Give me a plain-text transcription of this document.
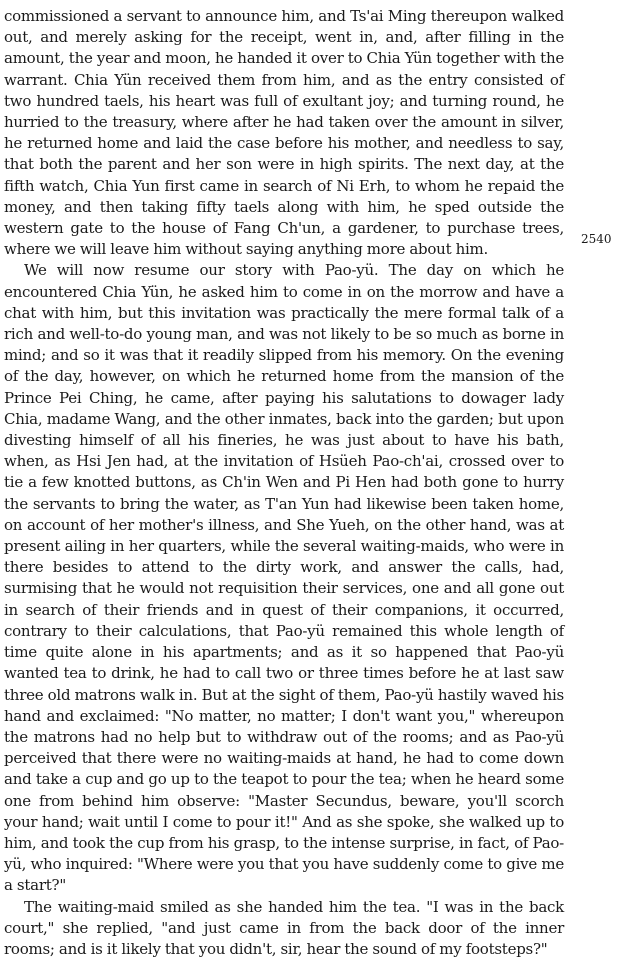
commissioned a servant to announce him, and Ts'ai Ming thereupon walked out, and merely asking for the receipt, went in, and, after filling in the amount, the year and moon, he handed it over to Chia Yün together with the warrant. Chia Yün received them from him, and as the entry consisted of two hundred taels, his heart was full of exultant joy; and turning round, he hurried to the treasury, where after he had taken over the amount in silver, he returned home and laid the case before his mother, and needless to say, that both the parent and her son were in high spirits. The next day, at the fifth watch, Chia Yun first came in search of Ni Erh, to whom he repaid the money, and then taking fifty taels along with him, he sped outside the western gate to the house of Fang Ch'un, a gardener, to purchase trees, where we will leave him without saying anything more about him.

We will now resume our story with Pao-yü. The day on which he encountered Chia Yün, he asked him to come in on the morrow and have a chat with him, but this invitation was practically the mere formal talk of a rich and well-to-do young man, and was not likely to be so much as borne in mind; and so it was that it readily slipped from his memory. On the evening of the day, however, on which he returned home from the mansion of the Prince Pei Ching, he came, after paying his salutations to dowager lady Chia, madame Wang, and the other inmates, back into the garden; but upon divesting himself of all his fineries, he was just about to have his bath, when, as Hsi Jen had, at the invitation of Hsüeh Pao-ch'ai, crossed over to tie a few knotted buttons, as Ch'in Wen and Pi Hen had both gone to hurry the servants to bring the water, as T'an Yun had likewise been taken home, on account of her mother's illness, and She Yueh, on the other hand, was at present ailing in her quarters, while the several waiting-maids, who were in there besides to attend to the dirty work, and answer the calls, had, surmising that he would not requisition their services, one and all gone out in search of their friends and in quest of their companions, it occurred, contrary to their calculations, that Pao-yü remained this whole length of time quite alone in his apartments; and as it so happened that Pao-yü wanted tea to drink, he had to call two or three times before he at last saw three old matrons walk in. But at the sight of them, Pao-yü hastily waved his hand and exclaimed: "No matter, no matter; I don't want you," whereupon the matrons had no help but to withdraw out of the rooms; and as Pao-yü perceived that there were no waiting-maids at hand, he had to come down and take a cup and go up to the teapot to pour the tea; when he heard some one from behind him observe: "Master Secundus, beware, you'll scorch your hand; wait until I come to pour it!" And as she spoke, she walked up to him, and took the cup from his grasp, to the intense surprise, in fact, of Pao-yü, who inquired: "Where were you that you have suddenly come to give me a start?"

The waiting-maid smiled as she handed him the tea. "I was in the back court," she replied, "and just came in from the back door of the inner rooms; and is it likely that you didn't, sir, hear the sound of my footsteps?"

2540
